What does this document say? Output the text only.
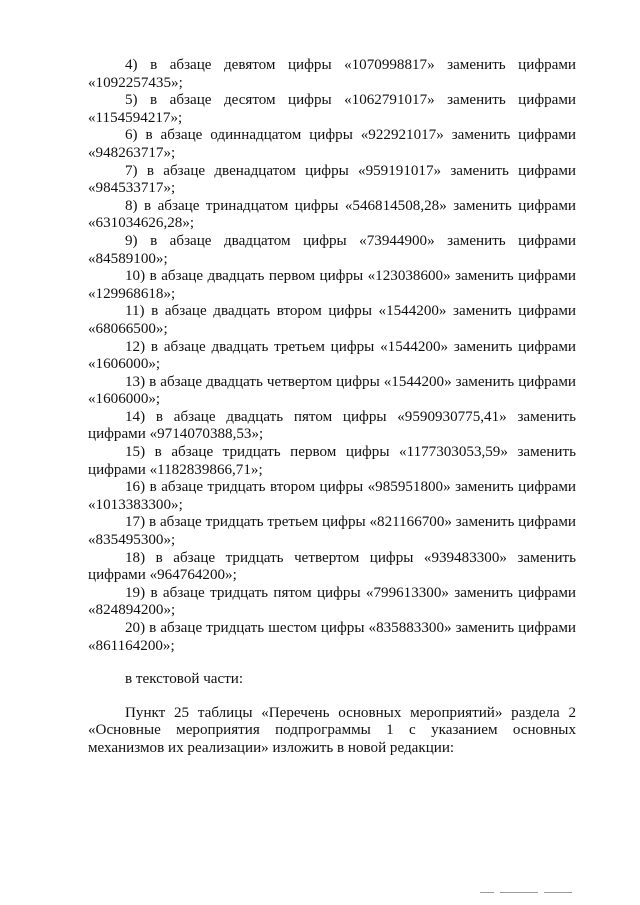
4) в абзаце девятом цифры «1070998817» заменить цифрами «1092257435»;

5) в абзаце десятом цифры «1062791017» заменить цифрами «1154594217»;

6) в абзаце одиннадцатом цифры «922921017» заменить цифрами «948263717»;

7) в абзаце двенадцатом цифры «959191017» заменить цифрами «984533717»;

8) в абзаце тринадцатом цифры «546814508,28» заменить цифрами «631034626,28»;

9) в абзаце двадцатом цифры «73944900» заменить цифрами «84589100»;

10) в абзаце двадцать первом цифры «123038600» заменить цифрами «129968618»;

11) в абзаце двадцать втором цифры «1544200» заменить цифрами «68066500»;

12) в абзаце двадцать третьем цифры «1544200» заменить цифрами «1606000»;

13) в абзаце двадцать четвертом цифры «1544200» заменить цифрами «1606000»;

14) в абзаце двадцать пятом цифры «9590930775,41» заменить цифрами «9714070388,53»;

15) в абзаце тридцать первом цифры «1177303053,59» заменить цифрами «1182839866,71»;

16) в абзаце тридцать втором цифры «985951800» заменить цифрами «1013383300»;

17) в абзаце тридцать третьем цифры «821166700» заменить цифрами «835495300»;

18) в абзаце тридцать четвертом цифры «939483300» заменить цифрами «964764200»;

19) в абзаце тридцать пятом цифры «799613300» заменить цифрами «824894200»;

20) в абзаце тридцать шестом цифры «835883300» заменить цифрами «861164200»;

в текстовой части:

Пункт 25 таблицы «Перечень основных мероприятий» раздела 2 «Основные мероприятия подпрограммы 1 с указанием основных механизмов их реализации» изложить в новой редакции:
